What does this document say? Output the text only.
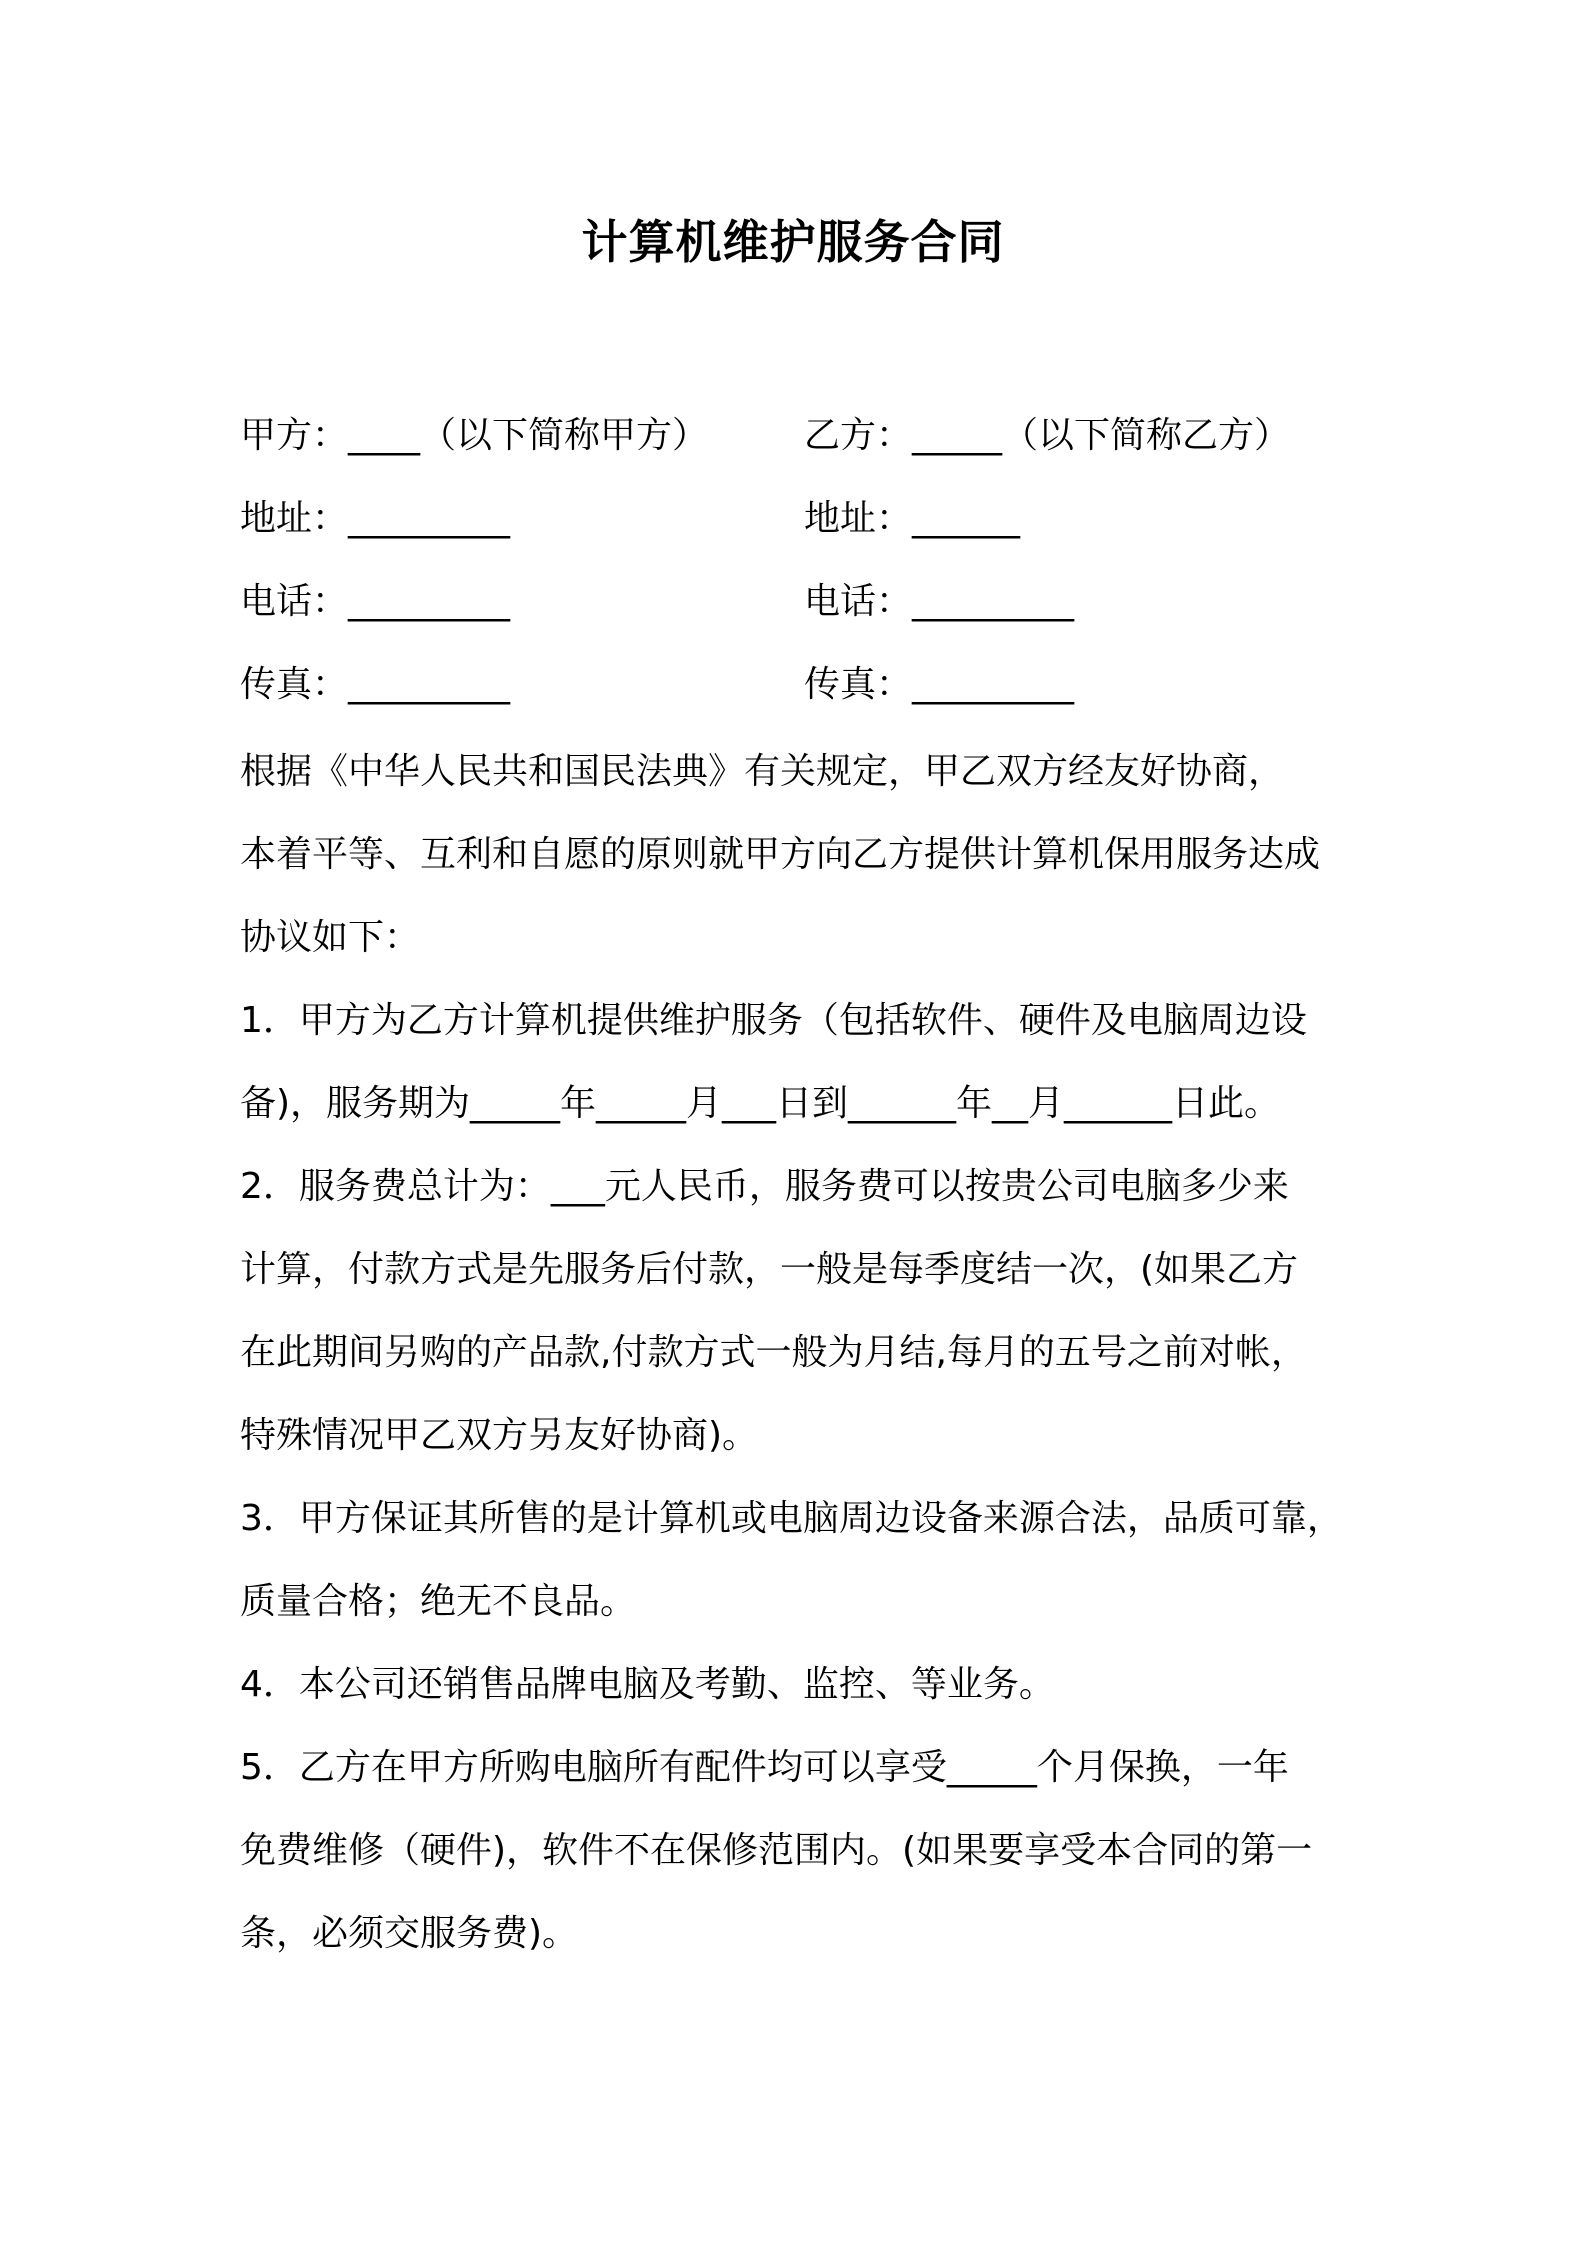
计算机维护服务合同
甲方：____（以下简称甲方）
地址：_________
电话：_________
传真：_________
乙方：_____（以下简称乙方）
地址：______
电话：_________
传真：_________
根据《中华人民共和国民法典》有关规定，甲乙双方经友好协商，
本着平等、互利和自愿的原则就甲方向乙方提供计算机保用服务达成
协议如下：
1．甲方为乙方计算机提供维护服务（包括软件、硬件及电脑周边设
备)，服务期为_____年_____月___日到______年__月______日此。
2．服务费总计为：___元人民币，服务费可以按贵公司电脑多少来
计算，付款方式是先服务后付款，一般是每季度结一次，(如果乙方
在此期间另购的产品款,付款方式一般为月结,每月的五号之前对帐，
特殊情况甲乙双方另友好协商)。
3．甲方保证其所售的是计算机或电脑周边设备来源合法，品质可靠，
质量合格；绝无不良品。
4．本公司还销售品牌电脑及考勤、监控、等业务。
5．乙方在甲方所购电脑所有配件均可以享受_____个月保换，一年
免费维修（硬件)，软件不在保修范围内。(如果要享受本合同的第一
条，必须交服务费)。
